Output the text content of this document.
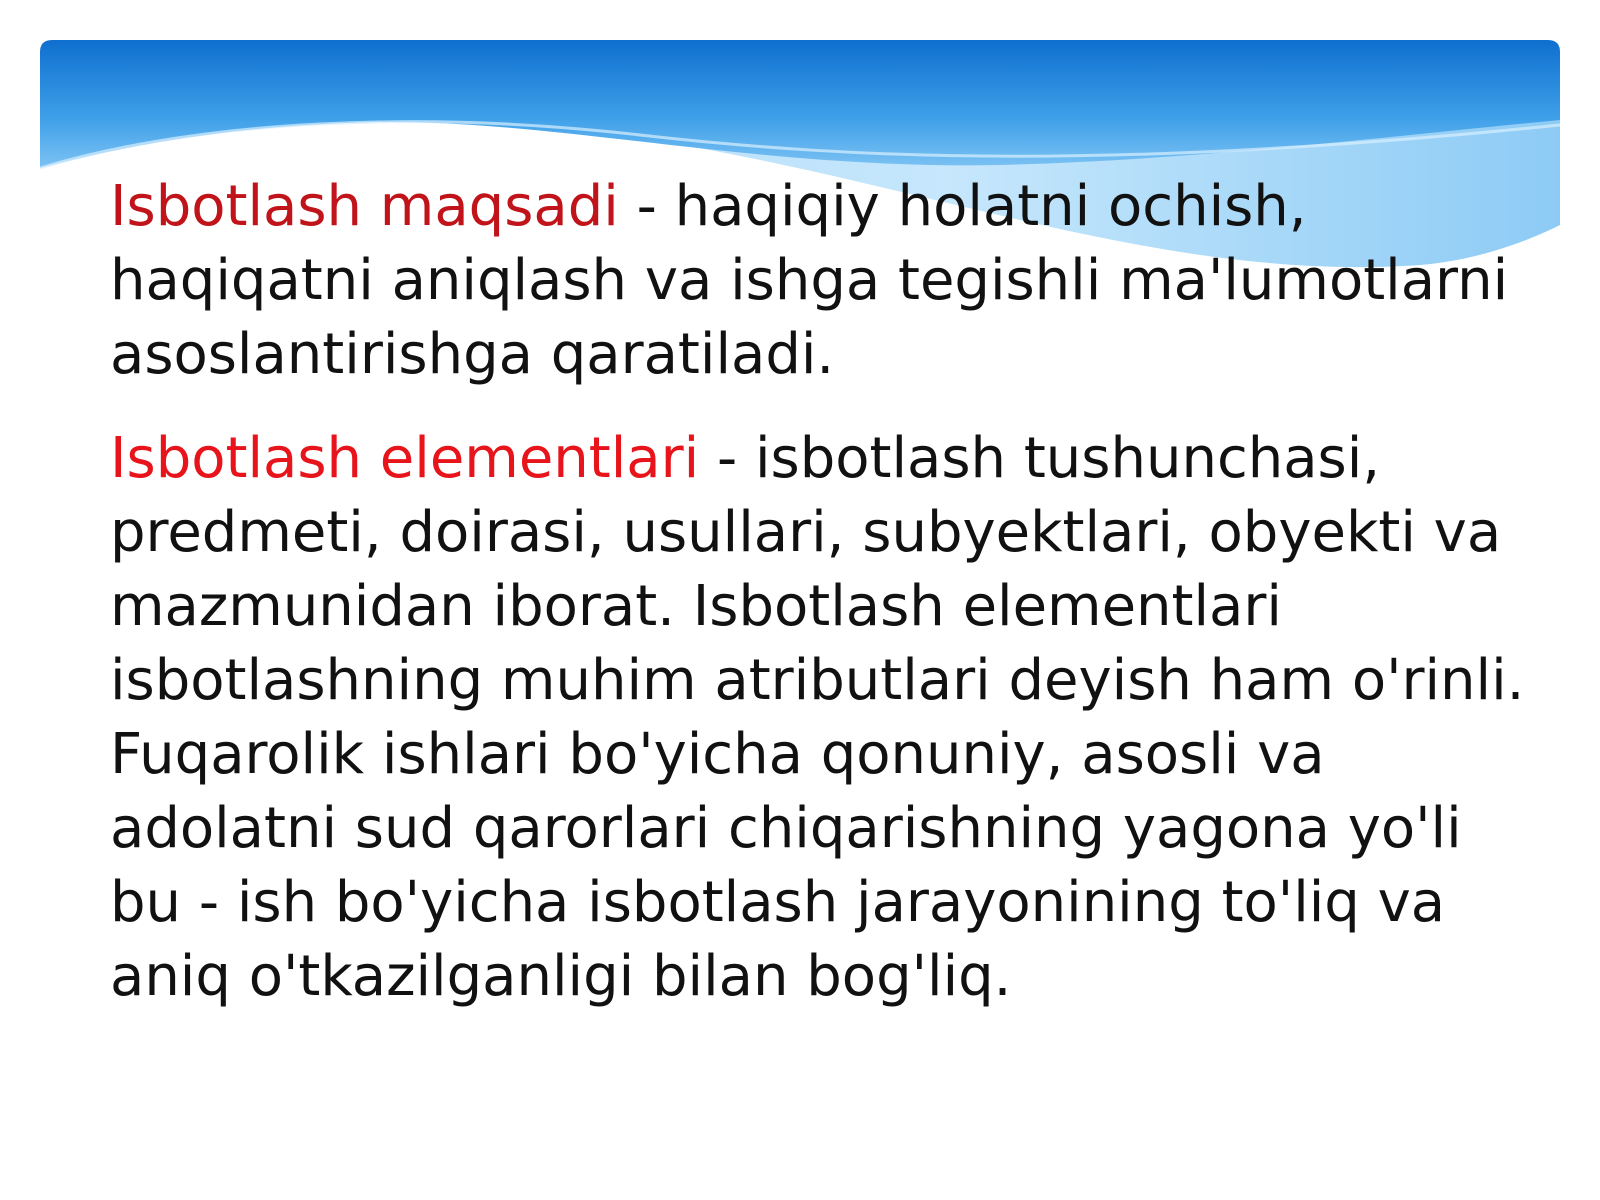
Isbotlash maqsadi - haqiqiy holatni ochish, haqiqatni aniqlash va ishga tegishli ma'lumotlarni asoslantirishga qaratiladi.

Isbotlash elementlari - isbotlash tushunchasi, predmeti, doirasi, usullari, subyektlari, obyekti va mazmunidan iborat. Isbotlash elementlari isbotlashning muhim atributlari deyish ham o'rinli. Fuqarolik ishlari bo'yicha qonuniy, asosli va adolatni sud qarorlari chiqarishning yagona yo'li bu - ish bo'yicha isbotlash jarayonining to'liq va aniq o'tkazilganligi bilan bog'liq.
